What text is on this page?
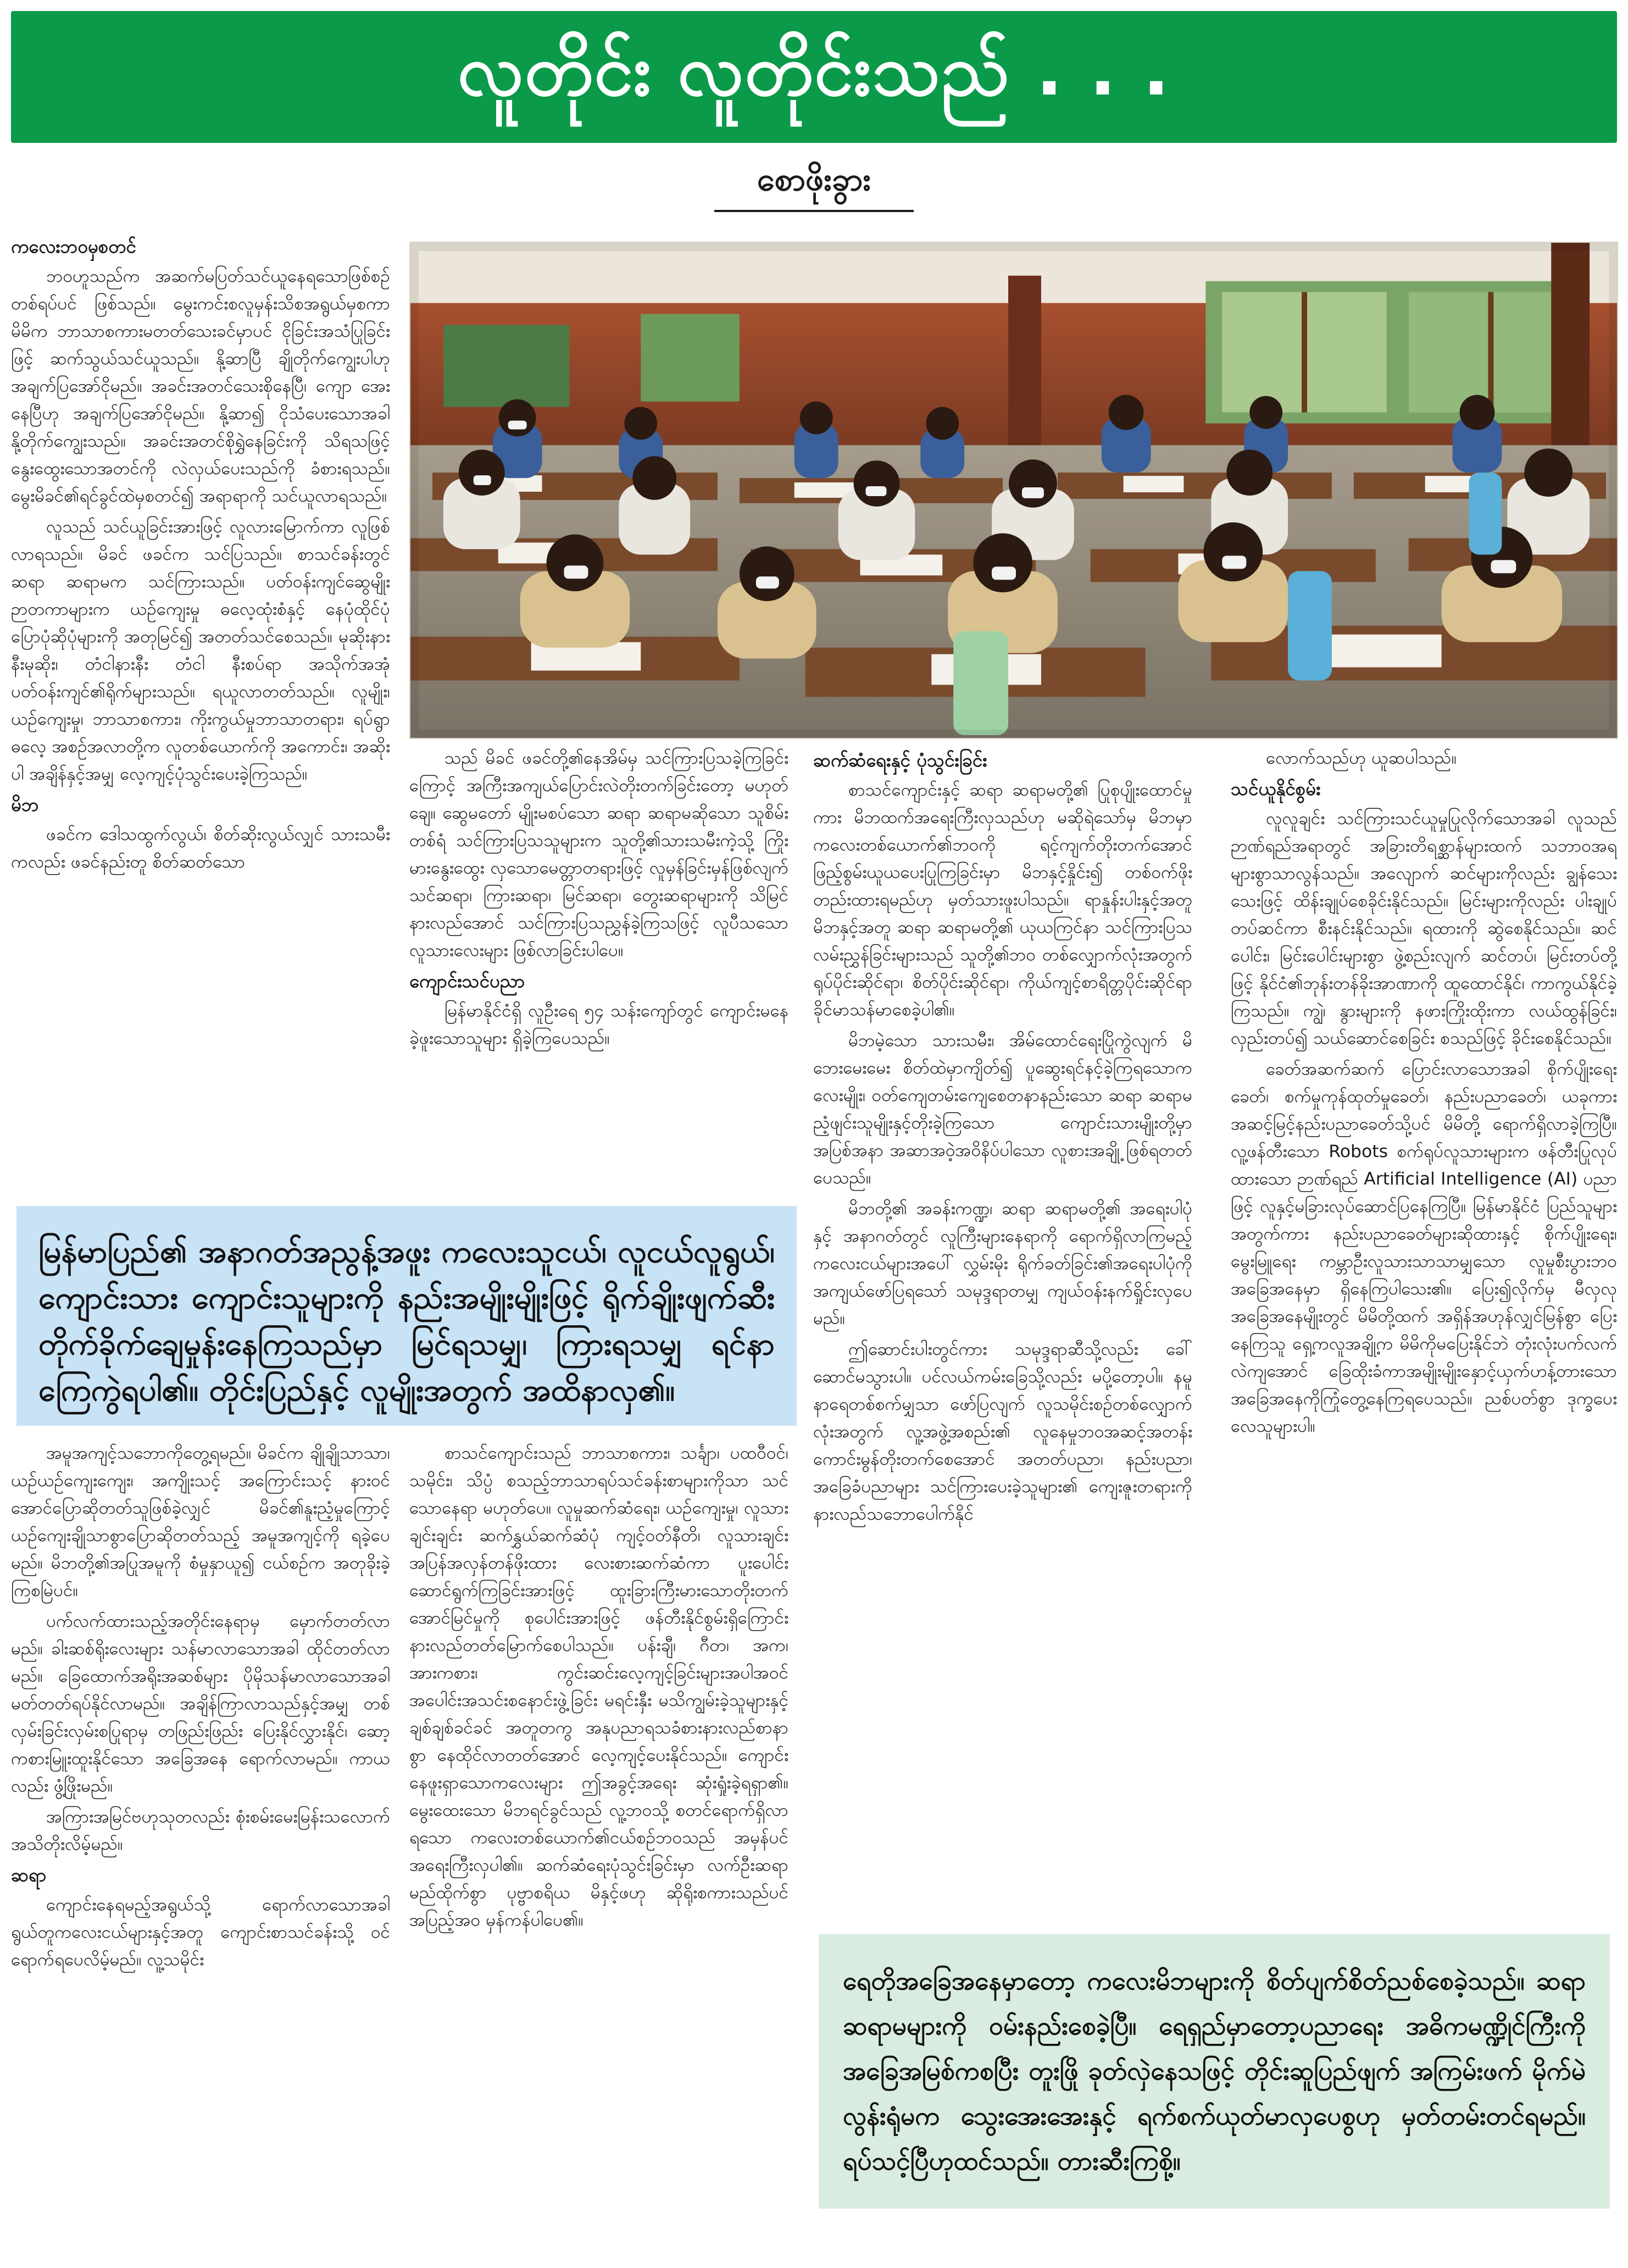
လူတိုင်း လူတိုင်းသည် . . .
စောဖိုးခွား

ကလေးဘဝမှစတင်

ဘဝဟူသည်က အဆက်မပြတ်သင်ယူနေရသောဖြစ်စဉ်တစ်ရပ်ပင် ဖြစ်သည်။ မွေးကင်းစလူမှန်းသိစအရွယ်မှစကာ မိမိက ဘာသာစကားမတတ်သေးခင်မှာပင် ငိုခြင်းအသံပြုခြင်းဖြင့် ဆက်သွယ်သင်ယူသည်။ နို့ဆာပြီ ချိုတိုက်ကျွေးပါဟု အချက်ပြအော်ငိုမည်။ အခင်းအတင်သေးစိုနေပြီ၊ ကျော အေးနေပြီဟု အချက်ပြအော်ငိုမည်။ နို့ဆာ၍ ငိုသံပေးသောအခါ နို့တိုက်ကျွေးသည်။ အခင်းအတင်စိုရွှဲနေခြင်းကို သိရသဖြင့် နွေးထွေးသောအတင်ကို လဲလှယ်ပေးသည်ကို ခံစားရသည်။ မွေးမိခင်၏ရင်ခွင်ထဲမှစတင်၍ အရာရာကို သင်ယူလာရသည်။

လူသည် သင်ယူခြင်းအားဖြင့် လူလားမြောက်ကာ လူဖြစ်လာရသည်။ မိခင် ဖခင်က သင်ပြသည်။ စာသင်ခန်းတွင် ဆရာ ဆရာမက သင်ကြားသည်။ ပတ်ဝန်းကျင်ဆွေမျိုးဉာတကာများက ယဉ်ကျေးမှု ဓလေ့ထုံးစံနှင့် နေပုံထိုင်ပုံ ပြောပုံဆိုပုံများကို အတုမြင်၍ အတတ်သင်စေသည်။ မုဆိုးနားနီးမုဆိုး၊ တံငါနားနီး တံငါ နီးစပ်ရာ အသိုက်အအုံပတ်ဝန်းကျင်၏ရိုက်များသည်။ ရယူလာတတ်သည်။ လူမျိုး၊ ယဉ်ကျေးမှု၊ ဘာသာစကား၊ ကိုးကွယ်မှုဘာသာတရား၊ ရပ်ရွာဓလေ့ အစဉ်အလာတို့က လူတစ်ယောက်ကို အကောင်း၊ အဆိုးပါ အချိန်နှင့်အမျှ လေ့ကျင့်ပုံသွင်းပေးခဲ့ကြသည်။

မိဘ

ဖခင်က ဒေါသထွက်လွယ်၊ စိတ်ဆိုးလွယ်လျှင် သားသမီးကလည်း ဖခင်နည်းတူ စိတ်ဆတ်သော

သည် မိခင် ဖခင်တို့၏နေအိမ်မှ သင်ကြားပြသခဲ့ကြခြင်းကြောင့် အကြီးအကျယ်ပြောင်းလဲတိုးတက်ခြင်းတော့ မဟုတ်ချေ။ ဆွေမတော် မျိုးမစပ်သော ဆရာ ဆရာမဆိုသော သူစိမ်းတစ်ရံ သင်ကြားပြသသူများက သူတို့၏သားသမီးကဲ့သို့ ကြိုးမားနွေးထွေး လှသောမေတ္တာတရားဖြင့် လူမှန်ခြင်းမှန်ဖြစ်လျက် သင်ဆရာ၊ ကြားဆရာ၊ မြင်ဆရာ၊ တွေးဆရာများကို သိမြင်နားလည်အောင် သင်ကြားပြသညွှန်ခဲ့ကြသဖြင့် လူပီသသောလူသားလေးများ ဖြစ်လာခြင်းပါပေ။

ကျောင်းသင်ပညာ

မြန်မာနိုင်ငံရှိ လူဦးရေ ၅၄ သန်းကျော်တွင် ကျောင်းမနေခဲ့ဖူးသောသူများ ရှိခဲ့ကြပေသည်။

ဆက်ဆံရေးနှင့် ပုံသွင်းခြင်း

စာသင်ကျောင်းနှင့် ဆရာ ဆရာမတို့၏ ပြုစုပျိုးထောင်မှုကား မိဘထက်အရေးကြီးလှသည်ဟု မဆိုရဲသော်မှ မိဘမှာ ကလေးတစ်ယောက်၏ဘဝကို ရင့်ကျက်တိုးတက်အောင် ဖြည့်စွမ်းယူယပေးပြုကြခြင်းမှာ မိဘနှင့်နှိုင်း၍ တစ်ဝက်ဖိုးတည်းထားရမည်ဟု မှတ်သားဖူးပါသည်။ ရာနှုန်းပါးနှင့်အတူ မိဘနှင့်အတူ ဆရာ ဆရာမတို့၏ ယုယကြင်နာ သင်ကြားပြသလမ်းညွှန်ခြင်းများသည် သူတို့၏ဘဝ တစ်လျှောက်လုံးအတွက် ရုပ်ပိုင်းဆိုင်ရာ၊ စိတ်ပိုင်းဆိုင်ရာ၊ ကိုယ်ကျင့်စာရိတ္တပိုင်းဆိုင်ရာ ခိုင်မာသန်မာစေခဲ့ပါ၏။

မိဘမဲ့သော သားသမီး၊ အိမ်ထောင်ရေးပြိုကွဲလျက် မိဘေးမေးမေး စိတ်ထဲမှာကျိတ်၍ ပူဆွေးရင်နင့်ခဲ့ကြရသောကလေးမျိုး၊ ဝတ်ကျေတမ်းကျေစေတနာနည်းသော ဆရာ ဆရာမ ညံ့ဖျင်းသူမျိုးနှင့်တိုးခဲ့ကြသော ကျောင်းသားမျိုးတို့မှာ အပြစ်အနာ အဆာအဝဲ့အဝိနိပ်ပါသော လူစားအချို့ ဖြစ်ရတတ်ပေသည်။

မိဘတို့၏ အခန်းကဏ္ဍ၊ ဆရာ ဆရာမတို့၏ အရေးပါပုံနှင့် အနာဂတ်တွင် လူကြီးများနေရာကို ရောက်ရှိလာကြမည့် ကလေးငယ်များအပေါ် လွှမ်းမိုး ရိုက်ခတ်ခြင်း၏အရေးပါပုံကို အကျယ်ဖော်ပြရသော် သမုဒ္ဒရာတမျှ ကျယ်ဝန်းနက်ရှိုင်းလှပေမည်။

ဤဆောင်းပါးတွင်ကား သမုဒ္ဒရာဆီသို့လည်း ခေါ်ဆောင်မသွားပါ။ ပင်လယ်ကမ်းခြေသို့လည်း မပို့တော့ပါ။ နမူနာရေတစ်စက်မျှသာ ဖော်ပြလျက် လူသမိုင်းစဉ်တစ်လျှောက်လုံးအတွက် လူ့အဖွဲ့အစည်း၏ လူနေမှုဘဝအဆင့်အတန်း ကောင်းမွန်တိုးတက်စေအောင် အတတ်ပညာ၊ နည်းပညာ၊ အခြေခံပညာများ သင်ကြားပေးခဲ့သူများ၏ ကျေးဇူးတရားကို နားလည်သဘောပေါက်နိုင်

လောက်သည်ဟု ယူဆပါသည်။

သင်ယူနိုင်စွမ်း

လူလူချင်း သင်ကြားသင်ယူမှုပြုလိုက်သောအခါ လူသည် ဉာဏ်ရည်အရာတွင် အခြားတိရစ္ဆာန်များထက် သဘာဝအရ များစွာသာလွန်သည်။ အလျောက် ဆင်များကိုလည်း ချွန်သေးသေးဖြင့် ထိန်းချုပ်စေခိုင်းနိုင်သည်။ မြင်းများကိုလည်း ပါးချုပ်တပ်ဆင်ကာ စီးနင်းနိုင်သည်။ ရထားကို ဆွဲစေနိုင်သည်။ ဆင်ပေါင်း၊ မြင်းပေါင်းများစွာ ဖွဲ့စည်းလျက် ဆင်တပ်၊ မြင်းတပ်တို့ဖြင့် နိုင်ငံ၏ဘုန်းတန်ခိုးအာဏာကို ထူထောင်နိုင်၊ ကာကွယ်နိုင်ခဲ့ကြသည်။ ကျွဲ၊ နွားများကို နဖားကြိုးထိုးကာ လယ်ထွန်ခြင်း၊ လှည်းတပ်၍ သယ်ဆောင်စေခြင်း စသည်ဖြင့် ခိုင်းစေနိုင်သည်။

ခေတ်အဆက်ဆက် ပြောင်းလာသောအခါ စိုက်ပျိုးရေးခေတ်၊ စက်မှုကုန်ထုတ်မှုခေတ်၊ နည်းပညာခေတ်၊ ယခုကား အဆင့်မြင့်နည်းပညာခေတ်သို့ပင် မိမိတို့ ရောက်ရှိလာခဲ့ကြပြီ။ လူ့ဖန်တီးသော Robots စက်ရုပ်လူသားများက ဖန်တီးပြုလုပ်ထားသော ဉာဏ်ရည် Artificial Intelligence (AI) ပညာဖြင့် လူနှင့်မခြားလုပ်ဆောင်ပြနေကြပြီ။ မြန်မာနိုင်ငံ ပြည်သူများအတွက်ကား နည်းပညာခေတ်များဆိုထားနှင့် စိုက်ပျိုးရေး၊ မွေးမြူရေး ကမ္ဘာဦးလူသားသာသာမျှသော လူမှုစီးပွားဘဝအခြေအနေမှာ ရှိနေကြပါသေး၏။ ပြေး၍လိုက်မှ မီလှလုအခြေအနေမျိုးတွင် မိမိတို့ထက် အရှိန်အဟုန်လျှင်မြန်စွာ ပြေးနေကြသူ ရှေ့ကလူအချို့က မိမိကိုမပြေးနိုင်ဘဲ တုံးလုံးပက်လက်လဲကျအောင် ခြေထိုးခံကာအမျိုးမျိုးနှောင့်ယှက်ဟန့်တားသောအခြေအနေကိုကြုံတွေ့နေကြရပေသည်။ ညစ်ပတ်စွာ ဒုက္ခပေးလေသူများပါ။

မြန်မာပြည်၏ အနာဂတ်အညွန့်အဖူး ကလေးသူငယ်၊ လူငယ်လူရွယ်၊ ကျောင်းသား ကျောင်းသူများကို နည်းအမျိုးမျိုးဖြင့် ရိုက်ချိုးဖျက်ဆီး တိုက်ခိုက်ချေမှုန်းနေကြသည်မှာ မြင်ရသမျှ၊ ကြားရသမျှ ရင်နာကြေကွဲရပါ၏။ တိုင်းပြည်နှင့် လူမျိုးအတွက် အထိနာလှ၏။

အမူအကျင့်သဘောကိုတွေ့ရမည်။ မိခင်က ချိုချိုသာသာ၊ ယဉ်ယဉ်ကျေးကျေး၊ အကျိုးသင့် အကြောင်းသင့် နားဝင်အောင်ပြောဆိုတတ်သူဖြစ်ခဲ့လျှင် မိခင်၏နူးညံ့မှုကြောင့် ယဉ်ကျေးချိုသာစွာပြောဆိုတတ်သည့် အမူအကျင့်ကို ရခဲ့ပေမည်။ မိဘတို့၏အပြုအမူကို စံမှုနှာယူ၍ ငယ်စဉ်က အတုခိုးခဲ့ကြစမြဲပင်။

ပက်လက်ထားသည့်အတိုင်းနေရာမှ မှောက်တတ်လာမည်။ ခါးဆစ်ရိုးလေးများ သန်မာလာသောအခါ ထိုင်တတ်လာမည်။ ခြေထောက်အရိုးအဆစ်များ ပိုမိုသန်မာလာသောအခါ မတ်တတ်ရပ်နိုင်လာမည်။ အချိန်ကြာလာသည်နှင့်အမျှ တစ်လှမ်းခြင်းလှမ်းစပြုရာမှ တဖြည်းဖြည်း ပြေးနိုင်လွှားနိုင်၊ ဆော့ကစားမြူးထူးနိုင်သော အခြေအနေ ရောက်လာမည်။ ကာယလည်း ဖွံ့ဖြိုးမည်။

အကြားအမြင်ဗဟုသုတလည်း စုံးစမ်းမေးမြန်းသလောက် အသိတိုးလိမ့်မည်။

ဆရာ

ကျောင်းနေရမည့်အရွယ်သို့ ရောက်လာသောအခါ ရွယ်တူကလေးငယ်များနှင့်အတူ ကျောင်းစာသင်ခန်းသို့ ဝင်ရောက်ရပေလိမ့်မည်။ လူ့သမိုင်း

စာသင်ကျောင်းသည် ဘာသာစကား၊ သင်္ချာ၊ ပထဝီဝင်၊ သမိုင်း၊ သိပ္ပံ စသည့်ဘာသာရပ်သင်ခန်းစာများကိုသာ သင်သောနေရာ မဟုတ်ပေ။ လူမှုဆက်ဆံရေး၊ ယဉ်ကျေးမှု၊ လူသားချင်းချင်း ဆက်နွှယ်ဆက်ဆံပုံ ကျင့်ဝတ်နီတိ၊ လူသားချင်း အပြန်အလှန်တန်ဖိုးထား လေးစားဆက်ဆံကာ ပူးပေါင်းဆောင်ရွက်ကြခြင်းအားဖြင့် ထူးခြားကြီးမားသောတိုးတက်အောင်မြင်မှုကို စုပေါင်းအားဖြင့် ဖန်တီးနိုင်စွမ်းရှိကြောင်း နားလည်တတ်မြောက်စေပါသည်။ ပန်းချီ၊ ဂီတ၊ အက၊ အားကစား၊ ကွင်းဆင်းလေ့ကျင့်ခြင်းများအပါအဝင် အပေါင်းအသင်းစနောင်းဖွဲ့ခြင်း မရင်းနှီး မသိကျွမ်းခဲ့သူများနှင့် ချစ်ချစ်ခင်ခင် အတူတကွ အနုပညာရသခံစားနားလည်စာနာစွာ နေထိုင်လာတတ်အောင် လေ့ကျင့်ပေးနိုင်သည်။ ကျောင်းနေဖူးရှာသောကလေးများ ဤအခွင့်အရေး ဆုံးရှုံးခဲ့ရရှာ၏။ မွေးထေးသော မိဘရင်ခွင်သည် လူ့ဘဝသို့ စတင်ရောက်ရှိလာရသော ကလေးတစ်ယောက်၏ငယ်စဉ်ဘဝသည် အမှန်ပင်အရေးကြီးလှပါ၏။ ဆက်ဆံရေးပုံသွင်းခြင်းမှာ လက်ဦးဆရာ မည်ထိုက်စွာ ပုဗ္ဗာစရိယ မိနှင့်ဖဟု ဆိုရိုးစကားသည်ပင် အပြည့်အဝ မှန်ကန်ပါပေ၏။

ရေတိုအခြေအနေမှာတော့ ကလေးမိဘများကို စိတ်ပျက်စိတ်ညစ်စေခဲ့သည်။ ဆရာ ဆရာမများကို ဝမ်းနည်းစေခဲ့ပြီ။ ရေရှည်မှာတော့ပညာရေး အဓိကမဏ္ဍိုင်ကြီးကို အခြေအမြစ်ကစပြီး တူးဖြို ခုတ်လှဲနေသဖြင့် တိုင်းဆူပြည်ဖျက် အကြမ်းဖက် မိုက်မဲလွန်းရုံမက သွေးအေးအေးနှင့် ရက်စက်ယုတ်မာလှပေစွဟု မှတ်တမ်းတင်ရမည်။ ရပ်သင့်ပြီဟုထင်သည်။ တားဆီးကြစို့။
